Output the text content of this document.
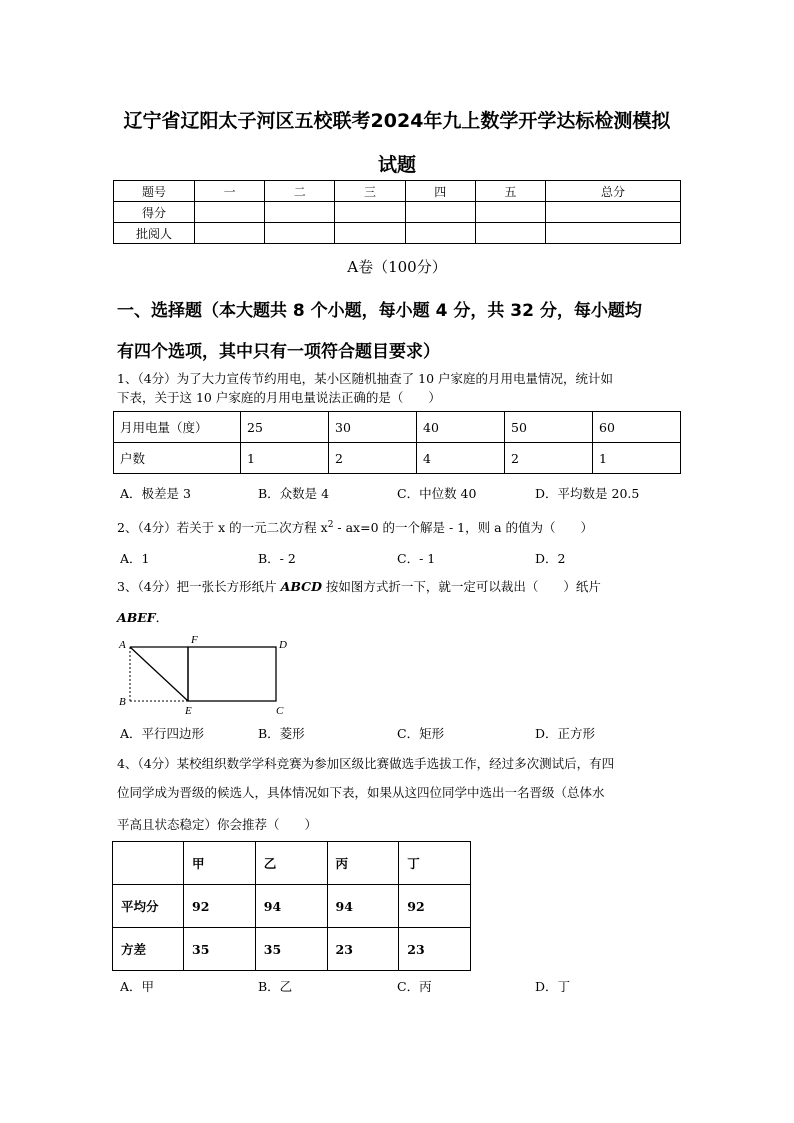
辽宁省辽阳太子河区五校联考2024年九上数学开学达标检测模拟
试题
题号	一	二	三	四	五	总分
得分						
批阅人						
A卷（100分）
一、选择题（本大题共 8 个小题，每小题 4 分，共 32 分，每小题均
有四个选项，其中只有一项符合题目要求）
1、（4分）为了大力宣传节约用电，某小区随机抽查了 10 户家庭的月用电量情况，统计如
下表，关于这 10 户家庭的月用电量说法正确的是（　　）
月用电量（度）	25	30	40	50	60
户数	1	2	4	2	1
A．极差是 3	B．众数是 4	C．中位数 40	D．平均数是 20.5
2、（4分）若关于 x 的一元二次方程 $x^2 - ax=0$ 的一个解是 - 1，则 a 的值为（　　）
A．1	B．- 2	C．- 1	D．2
3、（4分）把一张长方形纸片 ABCD 按如图方式折一下，就一定可以裁出（　　）纸片
ABEF．
A	F	D
B
E	C
A．平行四边形	B．菱形	C．矩形	D．正方形
4、（4分）某校组织数学学科竞赛为参加区级比赛做选手选拔工作，经过多次测试后，有四
位同学成为晋级的候选人，具体情况如下表，如果从这四位同学中选出一名晋级（总体水
平高且状态稳定）你会推荐（　　）
	甲	乙	丙	丁
平均分	92	94	94	92
方差	35	35	23	23
A．甲	B．乙	C．丙	D．丁
